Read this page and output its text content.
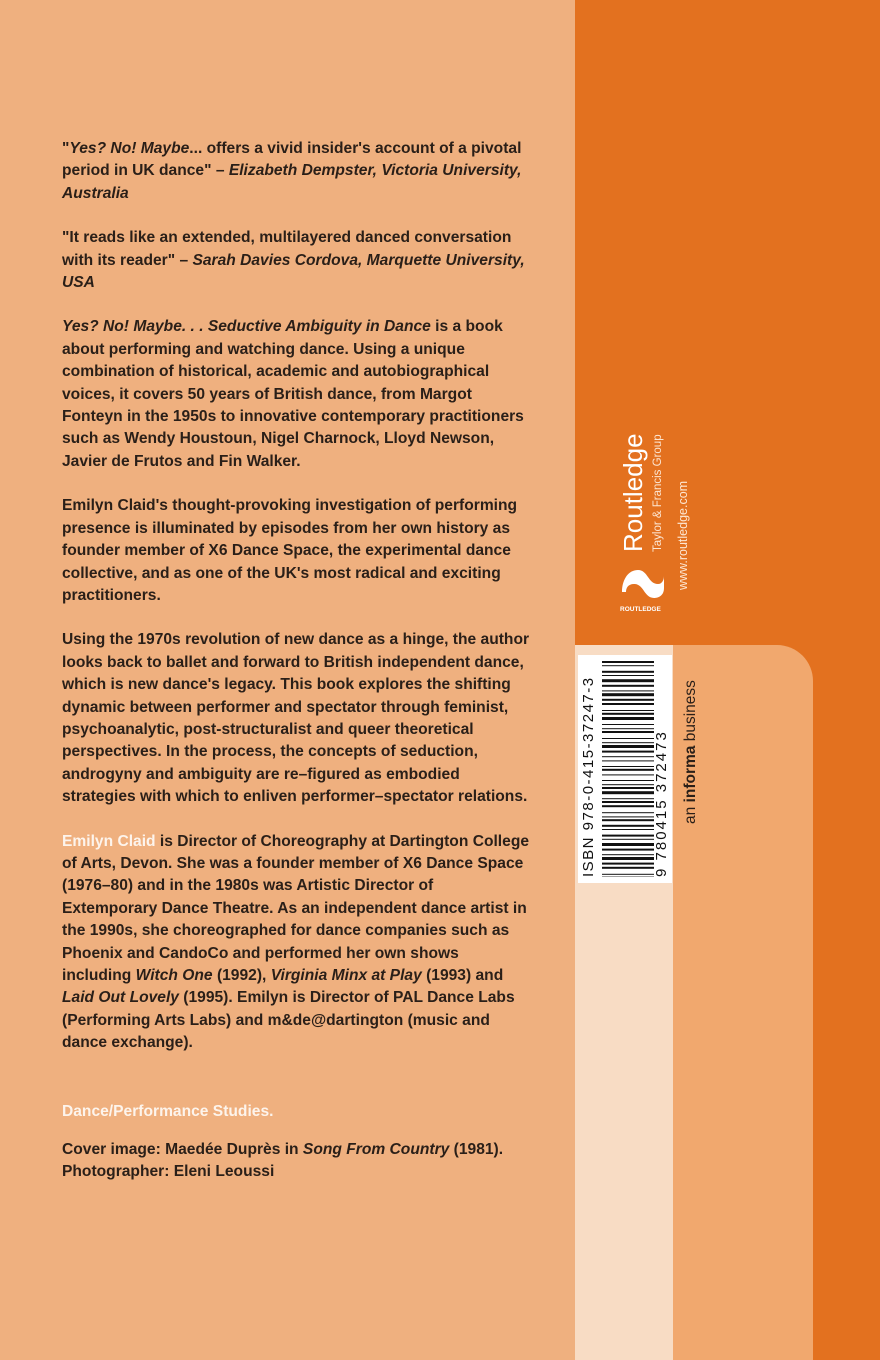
"Yes? No! Maybe... offers a vivid insider's account of a pivotal period in UK dance" – Elizabeth Dempster, Victoria University, Australia

"It reads like an extended, multilayered danced conversation with its reader" – Sarah Davies Cordova, Marquette University, USA

Yes? No! Maybe. . . Seductive Ambiguity in Dance is a book about performing and watching dance. Using a unique combination of historical, academic and autobiographical voices, it covers 50 years of British dance, from Margot Fonteyn in the 1950s to innovative contemporary practitioners such as Wendy Houstoun, Nigel Charnock, Lloyd Newson, Javier de Frutos and Fin Walker.

Emilyn Claid's thought-provoking investigation of performing presence is illuminated by episodes from her own history as founder member of X6 Dance Space, the experimental dance collective, and as one of the UK's most radical and exciting practitioners.

Using the 1970s revolution of new dance as a hinge, the author looks back to ballet and forward to British independent dance, which is new dance's legacy. This book explores the shifting dynamic between performer and spectator through feminist, psychoanalytic, post-structuralist and queer theoretical perspectives. In the process, the concepts of seduction, androgyny and ambiguity are re–figured as embodied strategies with which to enliven performer–spectator relations.

Emilyn Claid is Director of Choreography at Dartington College of Arts, Devon. She was a founder member of X6 Dance Space (1976–80) and in the 1980s was Artistic Director of Extemporary Dance Theatre. As an independent dance artist in the 1990s, she choreographed for dance companies such as Phoenix and CandoCo and performed her own shows including Witch One (1992), Virginia Minx at Play (1993) and Laid Out Lovely (1995). Emilyn is Director of PAL Dance Labs (Performing Arts Labs) and m&de@dartington (music and dance exchange).

Dance/Performance Studies.

Cover image: Maedée Duprès in Song From Country (1981). Photographer: Eleni Leoussi

Routledge Taylor & Francis Group www.routledge.com
ROUTLEDGE
ISBN 978-0-415-37247-3	9 780415 372473 an informa business
